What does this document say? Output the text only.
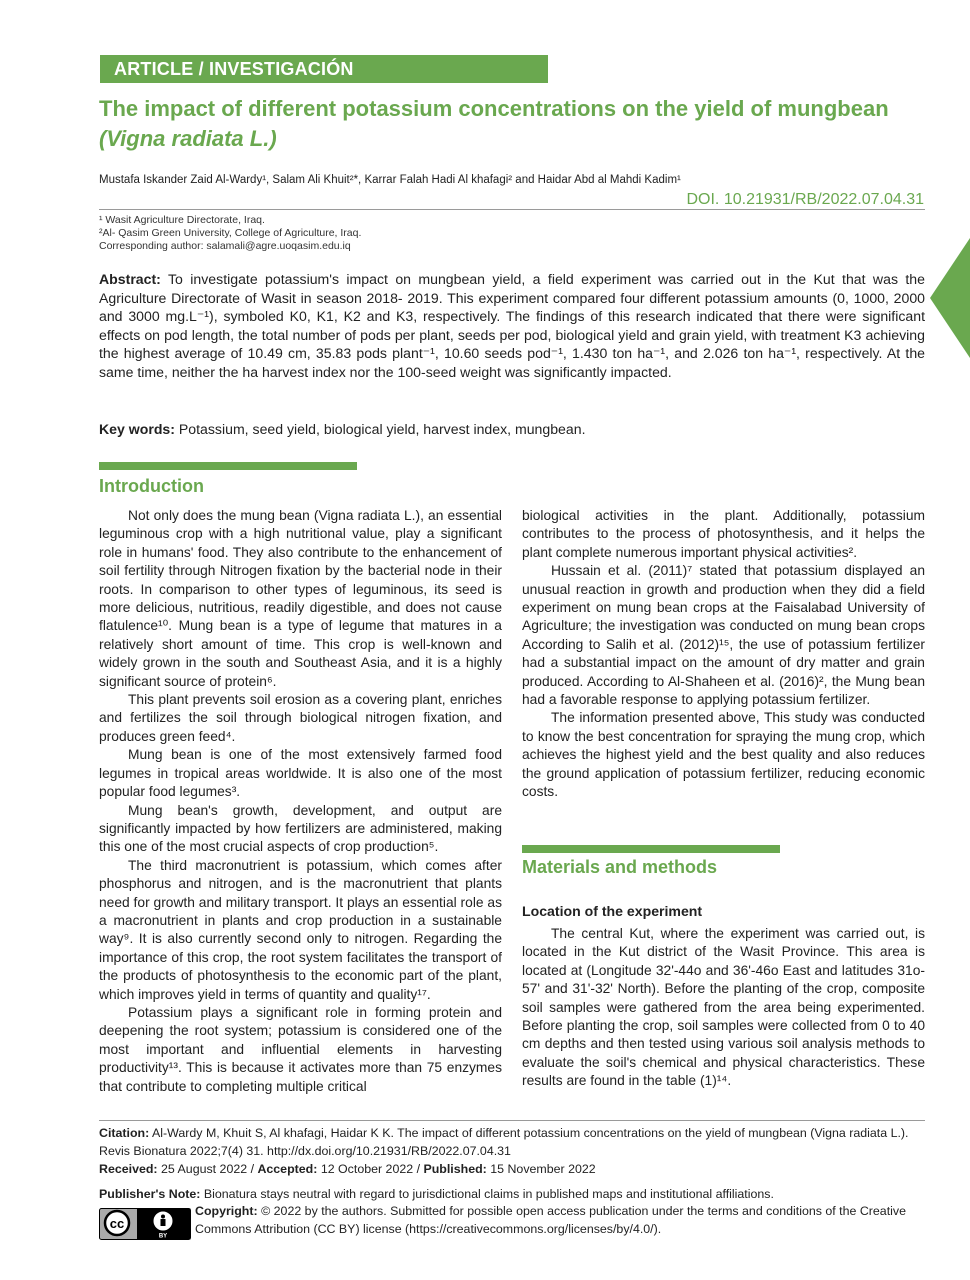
ARTICLE / INVESTIGACIÓN
The impact of different potassium concentrations on the yield of mungbean
(Vigna radiata L.)
Mustafa Iskander Zaid Al-Wardy¹, Salam Ali Khuit²*, Karrar Falah Hadi Al khafagi² and Haidar Abd al Mahdi Kadim¹
DOI. 10.21931/RB/2022.07.04.31
¹ Wasit Agriculture Directorate, Iraq.
²Al- Qasim Green University, College of Agriculture, Iraq.
Corresponding author: salamali@agre.uoqasim.edu.iq
Abstract: To investigate potassium's impact on mungbean yield, a field experiment was carried out in the Kut that was the Agriculture Directorate of Wasit in season 2018- 2019. This experiment compared four different potassium amounts (0, 1000, 2000 and 3000 mg.L⁻¹), symboled K0, K1, K2 and K3, respectively. The findings of this research indicated that there were significant effects on pod length, the total number of pods per plant, seeds per pod, biological yield and grain yield, with treatment K3 achieving the highest average of 10.49 cm, 35.83 pods plant⁻¹, 10.60 seeds pod⁻¹, 1.430 ton ha⁻¹, and 2.026 ton ha⁻¹, respectively. At the same time, neither the ha harvest index nor the 100-seed weight was significantly impacted.
Key words: Potassium, seed yield, biological yield, harvest index, mungbean.
Introduction

Not only does the mung bean (Vigna radiata L.), an essential leguminous crop with a high nutritional value, play a significant role in humans' food. They also contribute to the enhancement of soil fertility through Nitrogen fixation by the bacterial node in their roots. In comparison to other types of leguminous, its seed is more delicious, nutritious, readily digestible, and does not cause flatulence¹⁰. Mung bean is a type of legume that matures in a relatively short amount of time. This crop is well-known and widely grown in the south and Southeast Asia, and it is a highly significant source of protein⁶.

This plant prevents soil erosion as a covering plant, enriches and fertilizes the soil through biological nitrogen fixation, and produces green feed⁴.

Mung bean is one of the most extensively farmed food legumes in tropical areas worldwide. It is also one of the most popular food legumes³.

Mung bean's growth, development, and output are significantly impacted by how fertilizers are administered, making this one of the most crucial aspects of crop production⁵.

The third macronutrient is potassium, which comes after phosphorus and nitrogen, and is the macronutrient that plants need for growth and military transport. It plays an essential role as a macronutrient in plants and crop production in a sustainable way⁹. It is also currently second only to nitrogen. Regarding the importance of this crop, the root system facilitates the transport of the products of photosynthesis to the economic part of the plant, which improves yield in terms of quantity and quality¹⁷.

Potassium plays a significant role in forming protein and deepening the root system; potassium is considered one of the most important and influential elements in harvesting productivity¹³. This is because it activates more than 75 enzymes that contribute to completing multiple critical

biological activities in the plant. Additionally, potassium contributes to the process of photosynthesis, and it helps the plant complete numerous important physical activities².

Hussain et al. (2011)⁷ stated that potassium displayed an unusual reaction in growth and production when they did a field experiment on mung bean crops at the Faisalabad University of Agriculture; the investigation was conducted on mung bean crops According to Salih et al. (2012)¹⁵, the use of potassium fertilizer had a substantial impact on the amount of dry matter and grain produced. According to Al-Shaheen et al. (2016)², the Mung bean had a favorable response to applying potassium fertilizer.

The information presented above, This study was conducted to know the best concentration for spraying the mung crop, which achieves the highest yield and the best quality and also reduces the ground application of potassium fertilizer, reducing economic costs.

Materials and methods
Location of the experiment

The central Kut, where the experiment was carried out, is located in the Kut district of the Wasit Province. This area is located at (Longitude 32'-44o and 36'-46o East and latitudes 31o-57' and 31'-32' North). Before the planting of the crop, composite soil samples were gathered from the area being experimented. Before planting the crop, soil samples were collected from 0 to 40 cm depths and then tested using various soil analysis methods to evaluate the soil's chemical and physical characteristics. These results are found in the table (1)¹⁴.

Citation: Al-Wardy M, Khuit S, Al khafagi, Haidar K K. The impact of different potassium concentrations on the yield of mungbean (Vigna radiata L.). Revis Bionatura 2022;7(4) 31. http://dx.doi.org/10.21931/RB/2022.07.04.31
Received: 25 August 2022 / Accepted: 12 October 2022 / Published: 15 November 2022
Publisher's Note: Bionatura stays neutral with regard to jurisdictional claims in published maps and institutional affiliations.
cc
BY
Copyright: © 2022 by the authors. Submitted for possible open access publication under the terms and conditions of the Creative Commons Attribution (CC BY) license (https://creativecommons.org/licenses/by/4.0/).
